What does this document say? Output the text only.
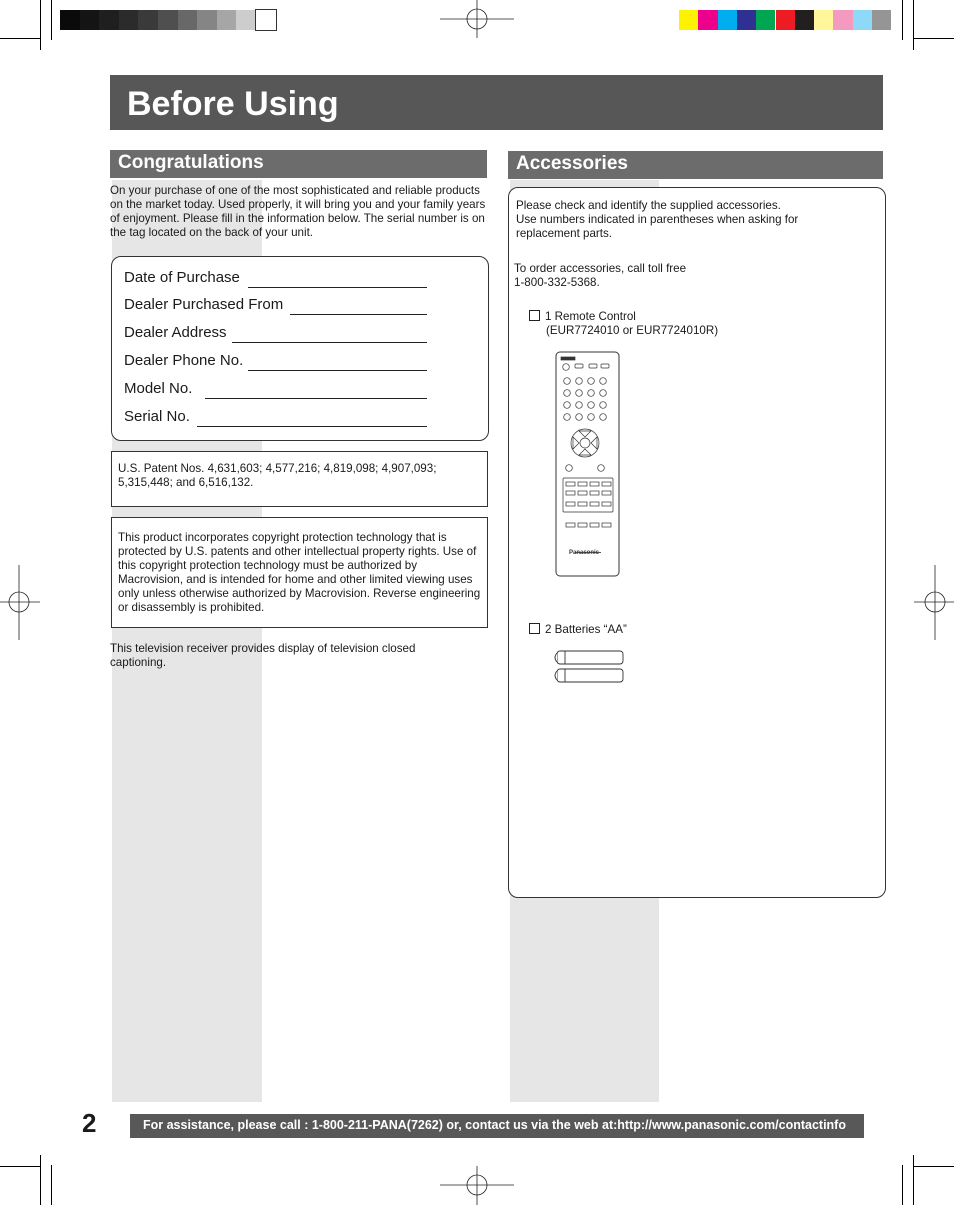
Before Using
Congratulations
On your purchase of one of the most sophisticated and reliable products on the market today. Used properly, it will bring you and your family years of enjoyment. Please fill in the information below. The serial number is on the tag located on the back of your unit.
Date of Purchase
Dealer Purchased From
Dealer Address
Dealer Phone No.
Model No.
Serial No.
U.S. Patent Nos. 4,631,603; 4,577,216; 4,819,098; 4,907,093; 5,315,448; and 6,516,132.
This product incorporates copyright protection technology that is protected by U.S. patents and other intellectual property rights. Use of this copyright protection technology must be authorized by Macrovision, and is intended for home and other limited viewing uses only unless otherwise authorized by Macrovision. Reverse engineering or disassembly is prohibited.
This television receiver provides display of television closed captioning.
Accessories
Please check and identify the supplied accessories.
Use numbers indicated in parentheses when asking for replacement parts.
To order accessories, call toll free
1-800-332-5368.
1 Remote Control
(EUR7724010 or EUR7724010R)
Panasonic
2 Batteries “AA”
2	For assistance, please call : 1-800-211-PANA(7262) or, contact us via the web at:http://www.panasonic.com/contactinfo
